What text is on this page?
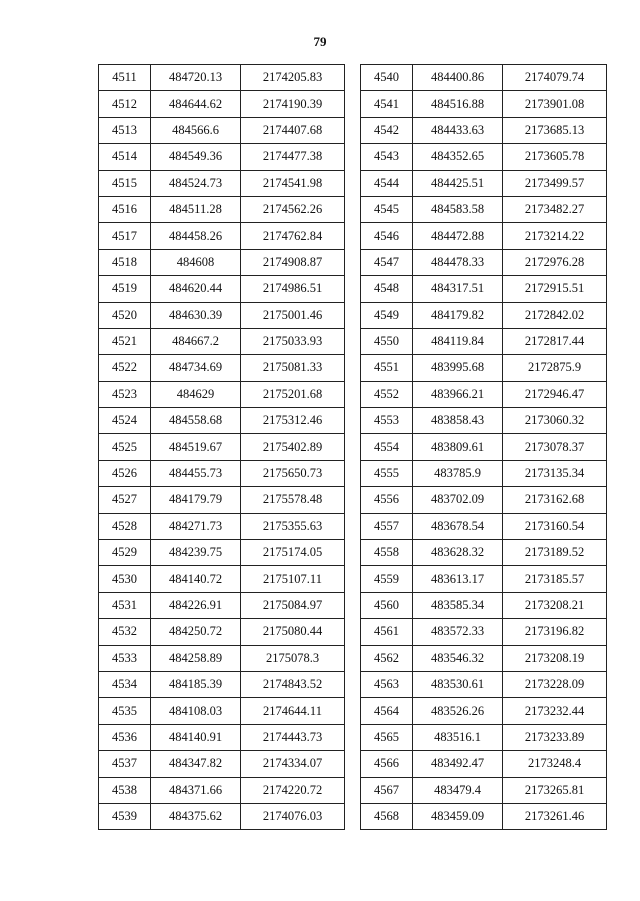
79
4511	484720.13	2174205.83
4512	484644.62	2174190.39
4513	484566.6	2174407.68
4514	484549.36	2174477.38
4515	484524.73	2174541.98
4516	484511.28	2174562.26
4517	484458.26	2174762.84
4518	484608	2174908.87
4519	484620.44	2174986.51
4520	484630.39	2175001.46
4521	484667.2	2175033.93
4522	484734.69	2175081.33
4523	484629	2175201.68
4524	484558.68	2175312.46
4525	484519.67	2175402.89
4526	484455.73	2175650.73
4527	484179.79	2175578.48
4528	484271.73	2175355.63
4529	484239.75	2175174.05
4530	484140.72	2175107.11
4531	484226.91	2175084.97
4532	484250.72	2175080.44
4533	484258.89	2175078.3
4534	484185.39	2174843.52
4535	484108.03	2174644.11
4536	484140.91	2174443.73
4537	484347.82	2174334.07
4538	484371.66	2174220.72
4539	484375.62	2174076.03
4540	484400.86	2174079.74
4541	484516.88	2173901.08
4542	484433.63	2173685.13
4543	484352.65	2173605.78
4544	484425.51	2173499.57
4545	484583.58	2173482.27
4546	484472.88	2173214.22
4547	484478.33	2172976.28
4548	484317.51	2172915.51
4549	484179.82	2172842.02
4550	484119.84	2172817.44
4551	483995.68	2172875.9
4552	483966.21	2172946.47
4553	483858.43	2173060.32
4554	483809.61	2173078.37
4555	483785.9	2173135.34
4556	483702.09	2173162.68
4557	483678.54	2173160.54
4558	483628.32	2173189.52
4559	483613.17	2173185.57
4560	483585.34	2173208.21
4561	483572.33	2173196.82
4562	483546.32	2173208.19
4563	483530.61	2173228.09
4564	483526.26	2173232.44
4565	483516.1	2173233.89
4566	483492.47	2173248.4
4567	483479.4	2173265.81
4568	483459.09	2173261.46
